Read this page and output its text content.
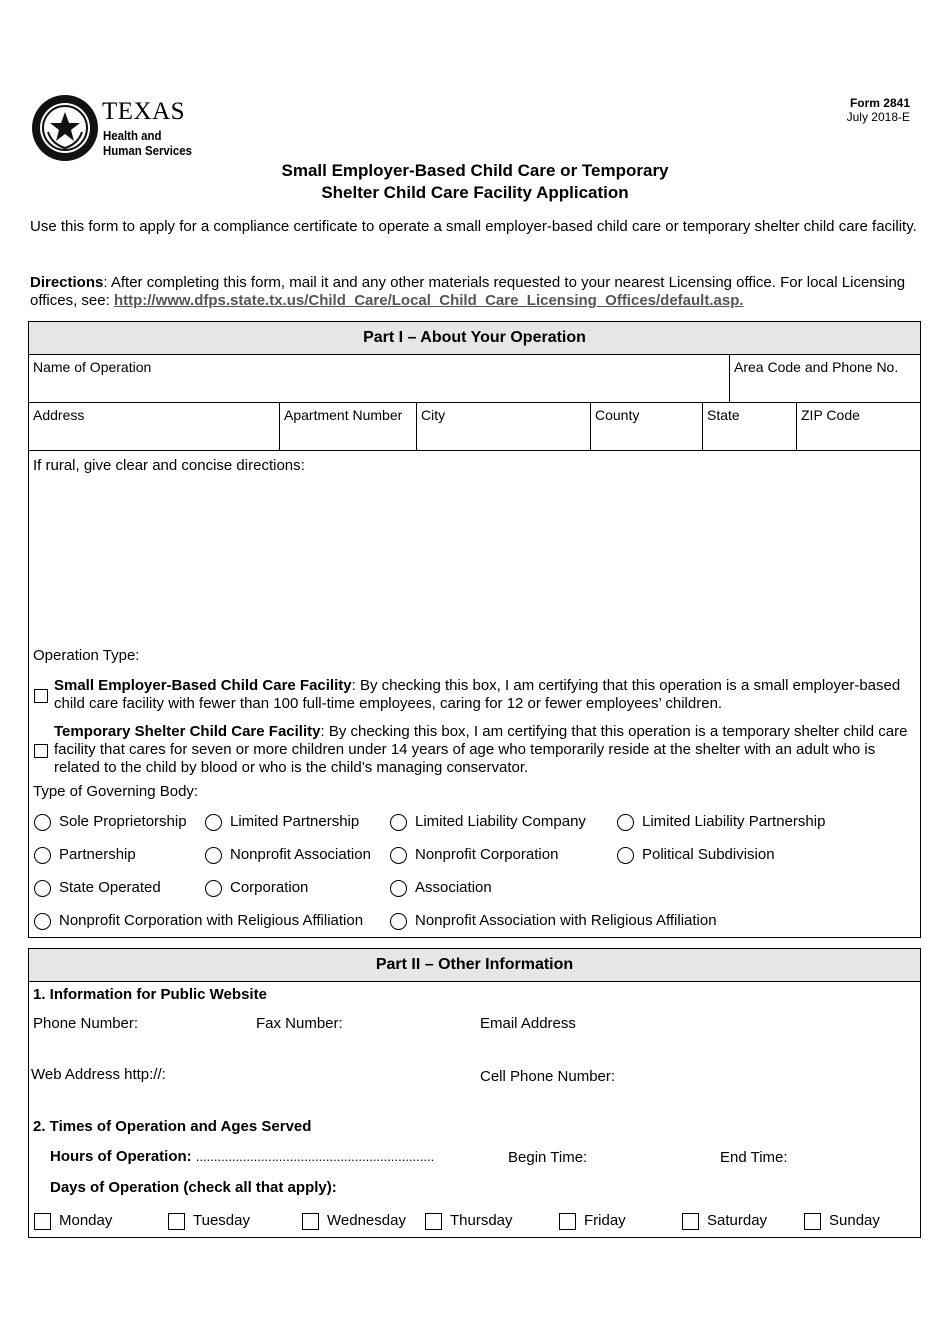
TEXAS
Health and Human Services
Form 2841
July 2018-E
Small Employer-Based Child Care or Temporary
Shelter Child Care Facility Application
Use this form to apply for a compliance certificate to operate a small employer-based child care or temporary shelter child care facility.
Directions: After completing this form, mail it and any other materials requested to your nearest Licensing office. For local Licensing offices, see: http://www.dfps.state.tx.us/Child_Care/Local_Child_Care_Licensing_Offices/default.asp.
Part I – About Your Operation
Name of Operation	Area Code and Phone No.
Address	Apartment Number	City	County	State	ZIP Code
If rural, give clear and concise directions:
Operation Type:
Small Employer-Based Child Care Facility: By checking this box, I am certifying that this operation is a small employer-based child care facility with fewer than 100 full-time employees, caring for 12 or fewer employees’ children.
Temporary Shelter Child Care Facility: By checking this box, I am certifying that this operation is a temporary shelter child care facility that cares for seven or more children under 14 years of age who temporarily reside at the shelter with an adult who is related to the child by blood or who is the child’s managing conservator.
Type of Governing Body:
Sole Proprietorship	Limited Partnership	Limited Liability Company	Limited Liability Partnership
Partnership	Nonprofit Association	Nonprofit Corporation	Political Subdivision
State Operated	Corporation	Association
Nonprofit Corporation with Religious Affiliation	Nonprofit Association with Religious Affiliation
Part II – Other Information
1. Information for Public Website
Phone Number:	Fax Number:	Email Address
Web Address http://:	Cell Phone Number:
2. Times of Operation and Ages Served
Hours of Operation: ..................................................................	Begin Time:	End Time:
Days of Operation (check all that apply):
Monday	Tuesday	Wednesday	Thursday	Friday	Saturday	Sunday
